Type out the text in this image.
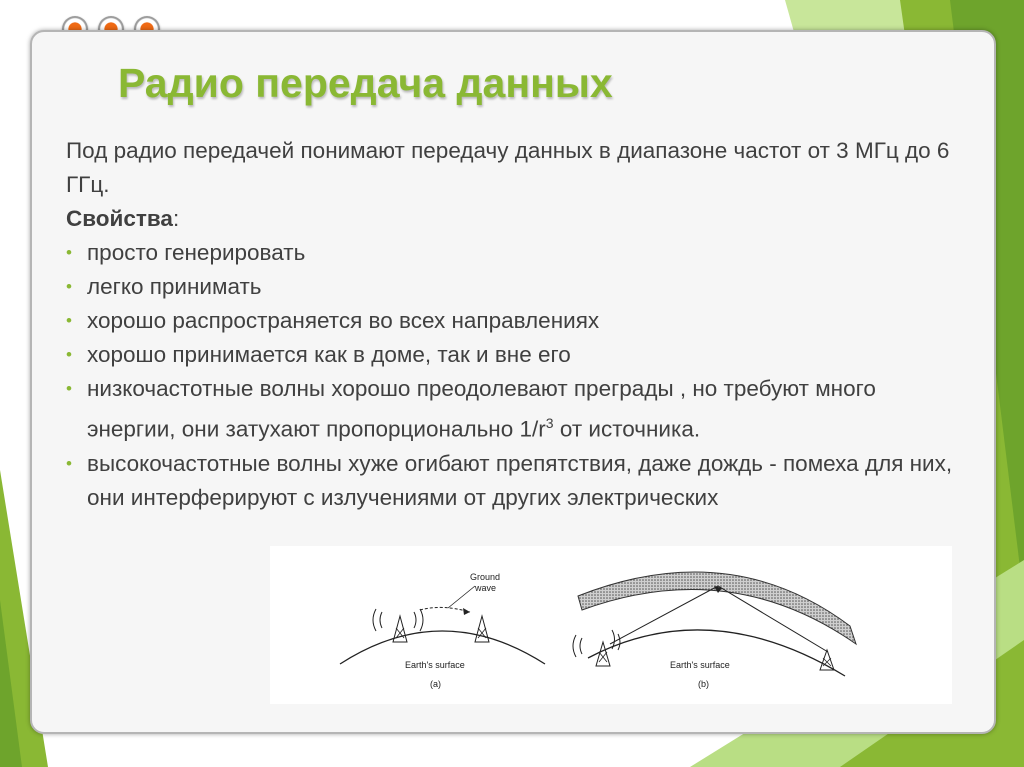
Радио передача данных

Под радио передачей понимают передачу данных в диапазоне частот от 3 МГц до 6 ГГц.

Свойства:

• просто генерировать
• легко принимать
• хорошо распространяется во всех направлениях
• хорошо принимается как в доме, так и вне его
• низкочастотные волны хорошо преодолевают преграды , но требуют много энергии, они затухают пропорционально $1/r^3$ от источника.
• высокочастотные волны хуже огибают препятствия, даже дождь - помеха для них, они интерферируют с излучениями от других электрических
Ground
wave
Earth's surface
(a)
Earth's surface
(b)
